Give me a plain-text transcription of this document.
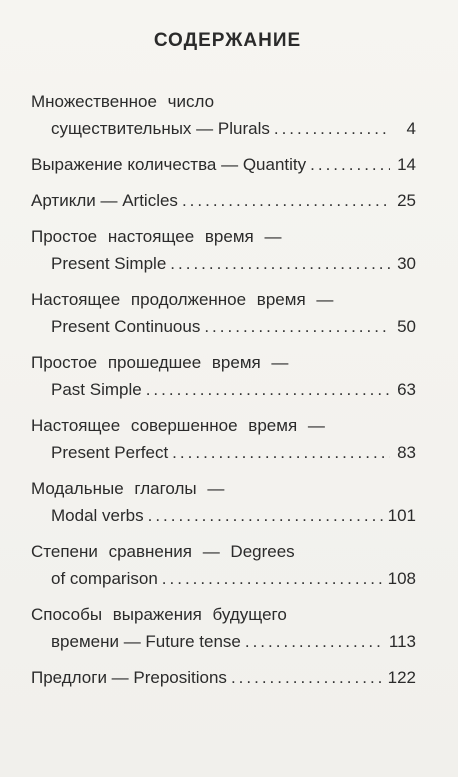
СОДЕРЖАНИЕ
Множественное число
существительных — Plurals .....	4
Выражение количества — Quantity .....	14
Артикли — Articles .....	25
Простое настоящее время —
Present Simple .....	30
Настоящее продолженное время —
Present Continuous .....	50
Простое прошедшее время —
Past Simple .....	63
Настоящее совершенное время —
Present Perfect .....	83
Модальные глаголы —
Modal verbs .....	101
Степени сравнения — Degrees
of comparison .....	108
Способы выражения будущего
времени — Future tense .....	113
Предлоги — Prepositions .....	122
